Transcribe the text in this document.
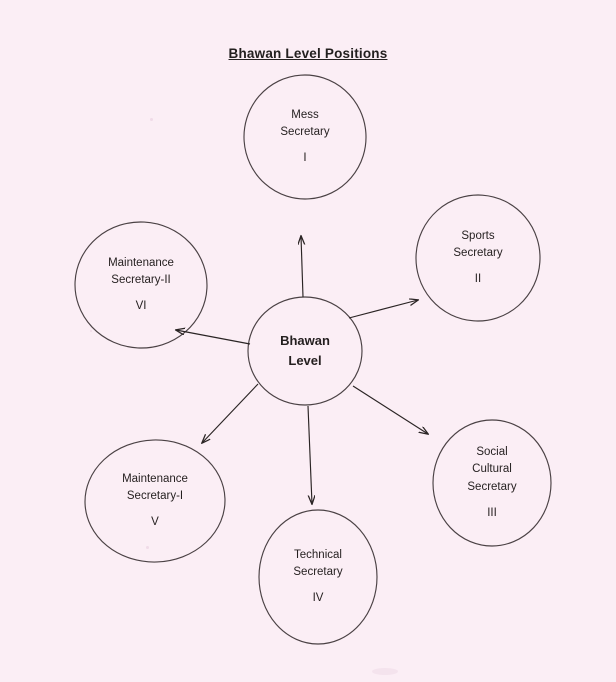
Bhawan Level Positions
Bhawan
Level
Mess
Secretary
I
Sports
Secretary
II
Social
Cultural
Secretary
III
Technical
Secretary
IV
Maintenance
Secretary-I
V
Maintenance
Secretary-II
VI
